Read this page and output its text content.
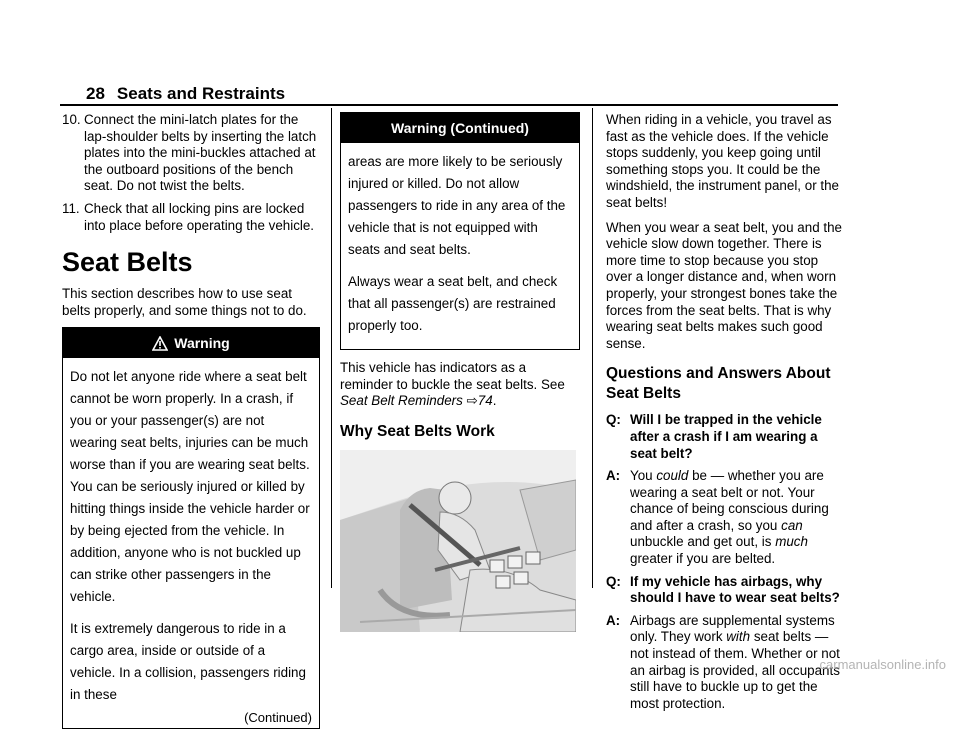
28 Seats and Restraints
10. Connect the mini-latch plates for the lap-shoulder belts by inserting the latch plates into the mini-buckles attached at the outboard positions of the bench seat. Do not twist the belts.
11. Check that all locking pins are locked into place before operating the vehicle.
Seat Belts

This section describes how to use seat belts properly, and some things not to do.

Warning

Do not let anyone ride where a seat belt cannot be worn properly. In a crash, if you or your passenger(s) are not wearing seat belts, injuries can be much worse than if you are wearing seat belts. You can be seriously injured or killed by hitting things inside the vehicle harder or by being ejected from the vehicle. In addition, anyone who is not buckled up can strike other passengers in the vehicle.

It is extremely dangerous to ride in a cargo area, inside or outside of a vehicle. In a collision, passengers riding in these

(Continued)
Warning (Continued)

areas are more likely to be seriously injured or killed. Do not allow passengers to ride in any area of the vehicle that is not equipped with seats and seat belts.

Always wear a seat belt, and check that all passenger(s) are restrained properly too.

This vehicle has indicators as a reminder to buckle the seat belts. See Seat Belt Reminders ⇨74.

Why Seat Belts Work

When riding in a vehicle, you travel as fast as the vehicle does. If the vehicle stops suddenly, you keep going until something stops you. It could be the windshield, the instrument panel, or the seat belts!

When you wear a seat belt, you and the vehicle slow down together. There is more time to stop because you stop over a longer distance and, when worn properly, your strongest bones take the forces from the seat belts. That is why wearing seat belts makes such good sense.

Questions and Answers About Seat Belts
Q: Will I be trapped in the vehicle after a crash if I am wearing a seat belt?
A: You could be — whether you are wearing a seat belt or not. Your chance of being conscious during and after a crash, so you can unbuckle and get out, is much greater if you are belted.
Q: If my vehicle has airbags, why should I have to wear seat belts?
A: Airbags are supplemental systems only. They work with seat belts — not instead of them. Whether or not an airbag is provided, all occupants still have to buckle up to get the most protection.
carmanualsonline.info
